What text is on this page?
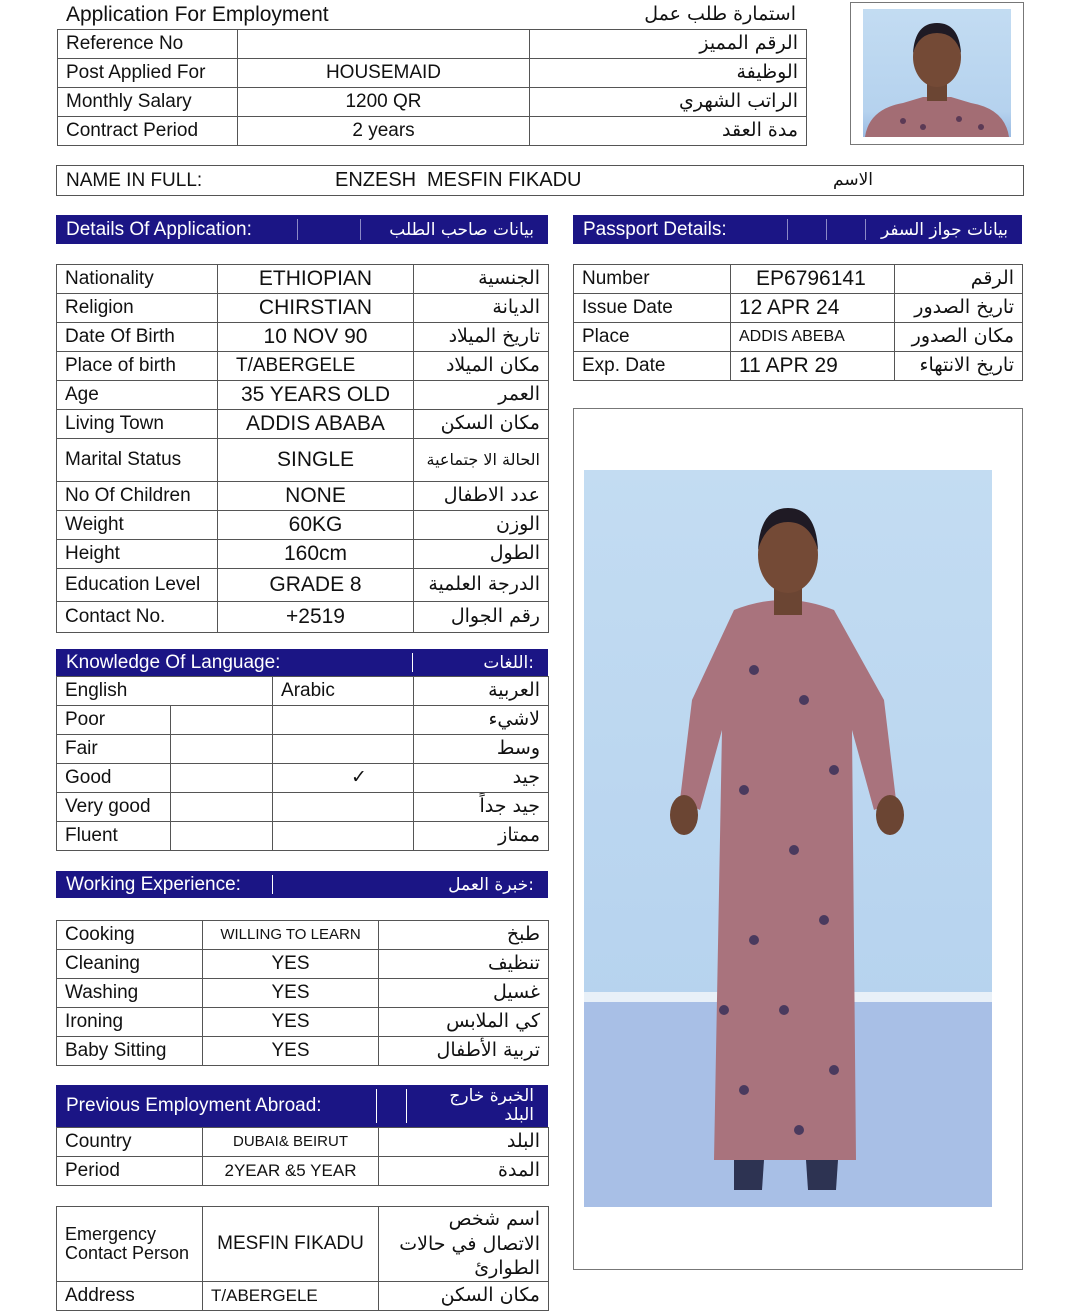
Application For Employment	استمارة طلب عمل
Reference No		الرقم المميز
Post Applied For	HOUSEMAID	الوظيفة
Monthly Salary	1200 QR	الراتب الشهري
Contract Period	2 years	مدة العقد
NAME IN FULL:	ENZESH MESFIN FIKADU	الاسم
Details Of Application:	بيانات صاحب الطلب	Passport Details:	بيانات جواز السفر
Nationality	ETHIOPIAN	الجنسية
Religion	CHIRSTIAN	الديانة
Date Of Birth	10 NOV 90	تاريخ الميلاد
Place of birth	T/ABERGELE	مكان الميلاد
Age	35 YEARS OLD	العمر
Living Town	ADDIS ABABA	مكان السكن
Marital Status	SINGLE	الحالة الا جتماعية
No Of Children	NONE	عدد الاطفال
Weight	60KG	الوزن
Height	160cm	الطول
Education Level	GRADE 8	الدرجة العلمية
Contact No.	+2519	رقم الجوال
Number	EP6796141	الرقم
Issue Date	12 APR 24	تاريخ الصدور
Place	ADDIS ABEBA	مكان الصدور
Exp. Date	11 APR 29	تاريخ الانتهاء
Knowledge Of Language:	:اللغات
English		Arabic	العربية
Poor			لاشيء
Fair			وسط
Good		✓	جيد
Very good			جيد جداً
Fluent			ممتاز
Working Experience:	:خبرة العمل
Cooking	WILLING TO LEARN	طبخ
Cleaning	YES	تنظيف
Washing	YES	غسيل
Ironing	YES	كي الملابس
Baby Sitting	YES	تربية الأطفال
Previous Employment Abroad:	الخبرة خارج البلد
Country	DUBAI& BEIRUT	البلد
Period	2YEAR &5 YEAR	المدة
Emergency Contact Person	MESFIN FIKADU	اسم شخص الاتصال في حالات الطوارئ
Address	T/ABERGELE	مكان السكن
